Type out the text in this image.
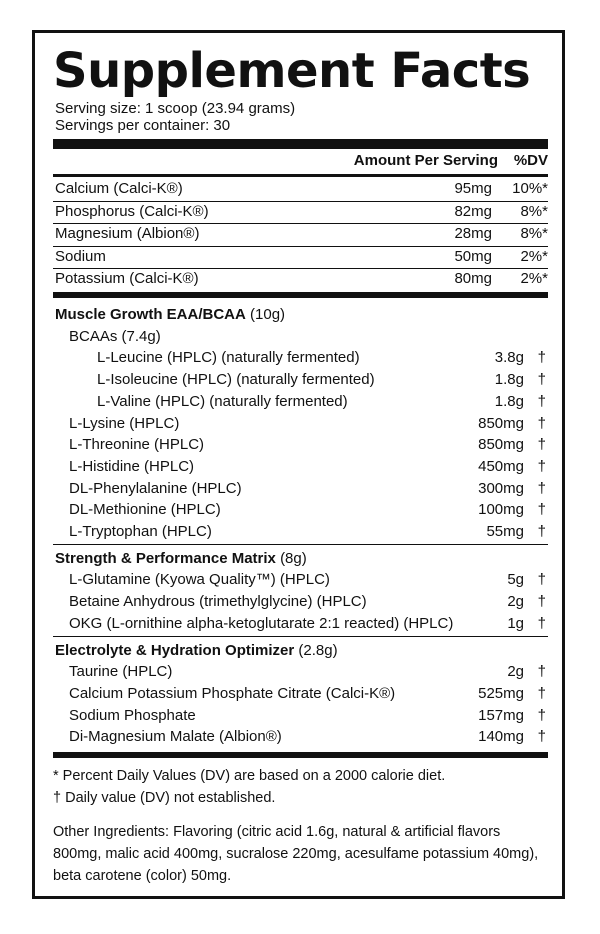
Supplement Facts
Serving size: 1 scoop (23.94 grams)
Servings per container: 30
Amount Per Serving %DV
Calcium (Calci-K®)	95mg 10%*
Phosphorus (Calci-K®)	82mg 8%*
Magnesium (Albion®)	28mg 8%*
Sodium	50mg 2%*
Potassium (Calci-K®)	80mg 2%*
Muscle Growth EAA/BCAA (10g)
BCAAs (7.4g)
L-Leucine (HPLC) (naturally fermented)	3.8g †
L-Isoleucine (HPLC) (naturally fermented)	1.8g †
L-Valine (HPLC) (naturally fermented)	1.8g †
L-Lysine (HPLC)	850mg †
L-Threonine (HPLC)	850mg †
L-Histidine (HPLC)	450mg †
DL-Phenylalanine (HPLC)	300mg †
DL-Methionine (HPLC)	100mg †
L-Tryptophan (HPLC)	55mg †
Strength & Performance Matrix (8g)
L-Glutamine (Kyowa Quality™) (HPLC)	5g †
Betaine Anhydrous (trimethylglycine) (HPLC)	2g †
OKG (L-ornithine alpha-ketoglutarate 2:1 reacted) (HPLC)	1g †
Electrolyte & Hydration Optimizer (2.8g)
Taurine (HPLC)	2g †
Calcium Potassium Phosphate Citrate (Calci-K®)	525mg †
Sodium Phosphate	157mg †
Di-Magnesium Malate (Albion®)	140mg †
* Percent Daily Values (DV) are based on a 2000 calorie diet.
† Daily value (DV) not established.
Other Ingredients: Flavoring (citric acid 1.6g, natural & artificial flavors 800mg, malic acid 400mg, sucralose 220mg, acesulfame potassium 40mg), beta carotene (color) 50mg.
